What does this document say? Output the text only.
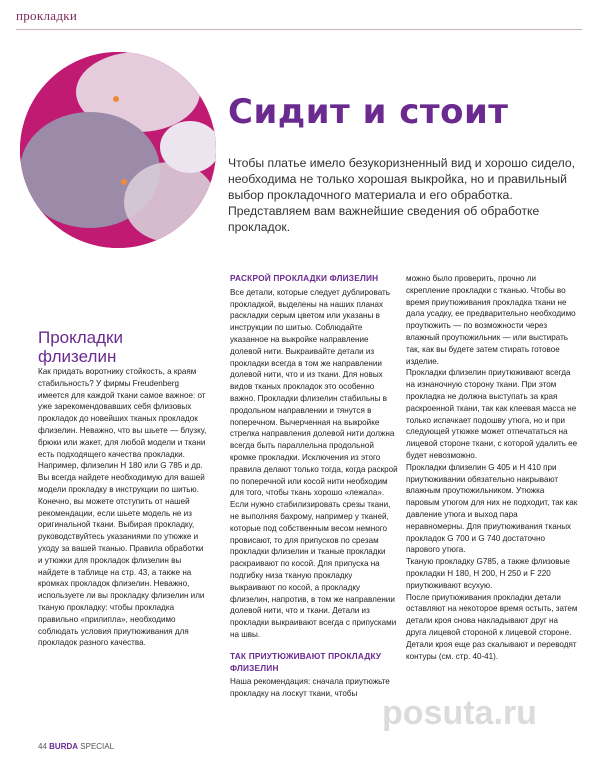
прокладки
Сидит и стоит
Чтобы платье имело безукоризненный вид и хорошо сидело, необходима не только хорошая выкройка, но и правильный выбор прокладочного материала и его обработка. Представляем вам важнейшие сведения об обработке прокладок.
Прокладки
флизелин

Как придать воротнику стойкость, а краям стабильность? У фирмы Freudenberg имеется для каждой ткани самое важное: от уже зарекомендовавших себя флизовых прокладок до новейших тканых прокладок флизелин. Неважно, что вы шьете — блузку, брюки или жакет, для любой модели и ткани есть подходящего качества прокладки. Например, флизелин H 180 или G 785 и др. Вы всегда найдете необходимую для вашей модели прокладку в инструкции по шитью. Конечно, вы можете отступить от нашей рекомендации, если шьете модель не из оригинальной ткани. Выбирая прокладку, руководствуйтесь указаниями по утюжке и уходу за вашей тканью. Правила обработки и утюжки для прокладок флизелин вы найдете в таблице на стр. 43, а также на кромках прокладок флизелин. Неважно, используете ли вы прокладку флизелин или тканую прокладку: чтобы прокладка правильно «прилипла», необходимо соблюдать условия приутюживания для прокладок разного качества.

РАСКРОЙ ПРОКЛАДКИ ФЛИЗЕЛИН

Все детали, которые следует дублировать прокладкой, выделены на наших планах раскладки серым цветом или указаны в инструкции по шитью. Соблюдайте указанное на выкройке направление долевой нити. Выкраивайте детали из прокладки всегда в том же направлении долевой нити, что и из ткани. Для новых видов тканых прокладок это особенно важно. Прокладки флизелин стабильны в продольном направлении и тянутся в поперечном. Вычерченная на выкройке стрелка направления долевой нити должна всегда быть параллельна продольной кромке прокладки. Исключения из этого правила делают только тогда, когда раскрой по поперечной или косой нити необходим для того, чтобы ткань хорошо «лежала». Если нужно стабилизировать срезы ткани, не выполняя бахрому, например у тканей, которые под собственным весом немного провисают, то для припусков по срезам прокладки флизелин и тканые прокладки раскраивают по косой. Для припуска на подгибку низа тканую прокладку выкраивают по косой, а прокладку флизелин, напротив, в том же направлении долевой нити, что и ткани. Детали из прокладки выкраивают всегда с припусками на швы.

ТАК ПРИУТЮЖИВАЮТ ПРОКЛАДКУ ФЛИЗЕЛИН

Наша рекомендация: сначала приутюжьте прокладку на лоскут ткани, чтобы

можно было проверить, прочно ли скрепление прокладки с тканью. Чтобы во время приутюживания прокладка ткани не дала усадку, ее предварительно необходимо проутюжить — по возможности через влажный проутюжильник — или выстирать так, как вы будете затем стирать готовое изделие.

Прокладки флизелин приутюживают всегда на изнаночную сторону ткани. При этом прокладка не должна выступать за края раскроенной ткани, так как клеевая масса не только испачкает подошву утюга, но и при следующей утюжке может отпечататься на лицевой стороне ткани, с которой удалить ее будет невозможно.

Прокладки флизелин G 405 и H 410 при приутюживании обязательно накрывают влажным проутюжильником. Утюжка паровым утюгом для них не подходит, так как давление утюга и выход пара неравномерны. Для приутюживания тканых прокладок G 700 и G 740 достаточно парового утюга.

Тканую прокладку G785, а также флизовые прокладки H 180, H 200, H 250 и F 220 приутюживают всухую.

После приутюживания прокладки детали оставляют на некоторое время остыть, затем детали кроя снова накладывают друг на друга лицевой стороной к лицевой стороне. Детали кроя еще раз скалывают и переводят контуры (см. стр. 40-41).

posuta.ru
44 BURDA SPECIAL
